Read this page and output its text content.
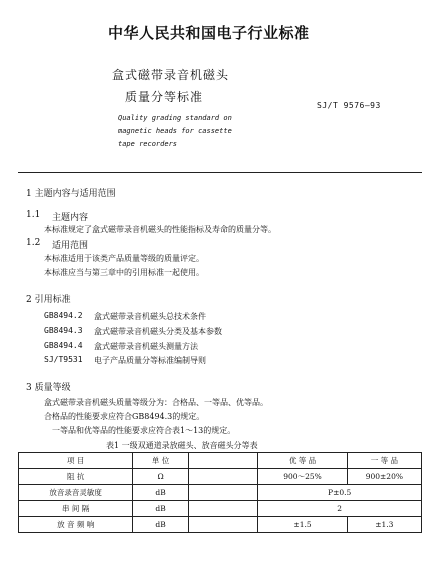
中华人民共和国电子行业标准
盒式磁带录音机磁头
质量分等标准
SJ/T 9576—93
Quality grading standard on
magnetic heads for cassette
tape recorders
1 主题内容与适用范围
1.1 主题内容
本标准规定了盒式磁带录音机磁头的性能指标及寿命的质量分等。
1.2 适用范围
本标准适用于该类产品质量等级的质量评定。
本标准应当与第三章中的引用标准一起使用。
2 引用标准
GB8494.2 盒式磁带录音机磁头总技术条件
GB8494.3 盒式磁带录音机磁头分类及基本参数
GB8494.4 盒式磁带录音机磁头测量方法
SJ/T9531 电子产品质量分等标准编制导则
3 质量等级
盒式磁带录音机磁头质量等级分为：合格品、一等品、优等品。
合格品的性能要求应符合GB8494.3的规定。
一等品和优等品的性能要求应符合表1～13的规定。
表1 一级双通道录放磁头、放音磁头分等表
项 目	单 位		优 等 品	一 等 品
阻 抗	Ω		900～25%	900±20%
放音录音灵敏度	dB		P±0.5	
串 间 隔	dB		2	
放 音 频 响	dB		±1.5	±1.3
